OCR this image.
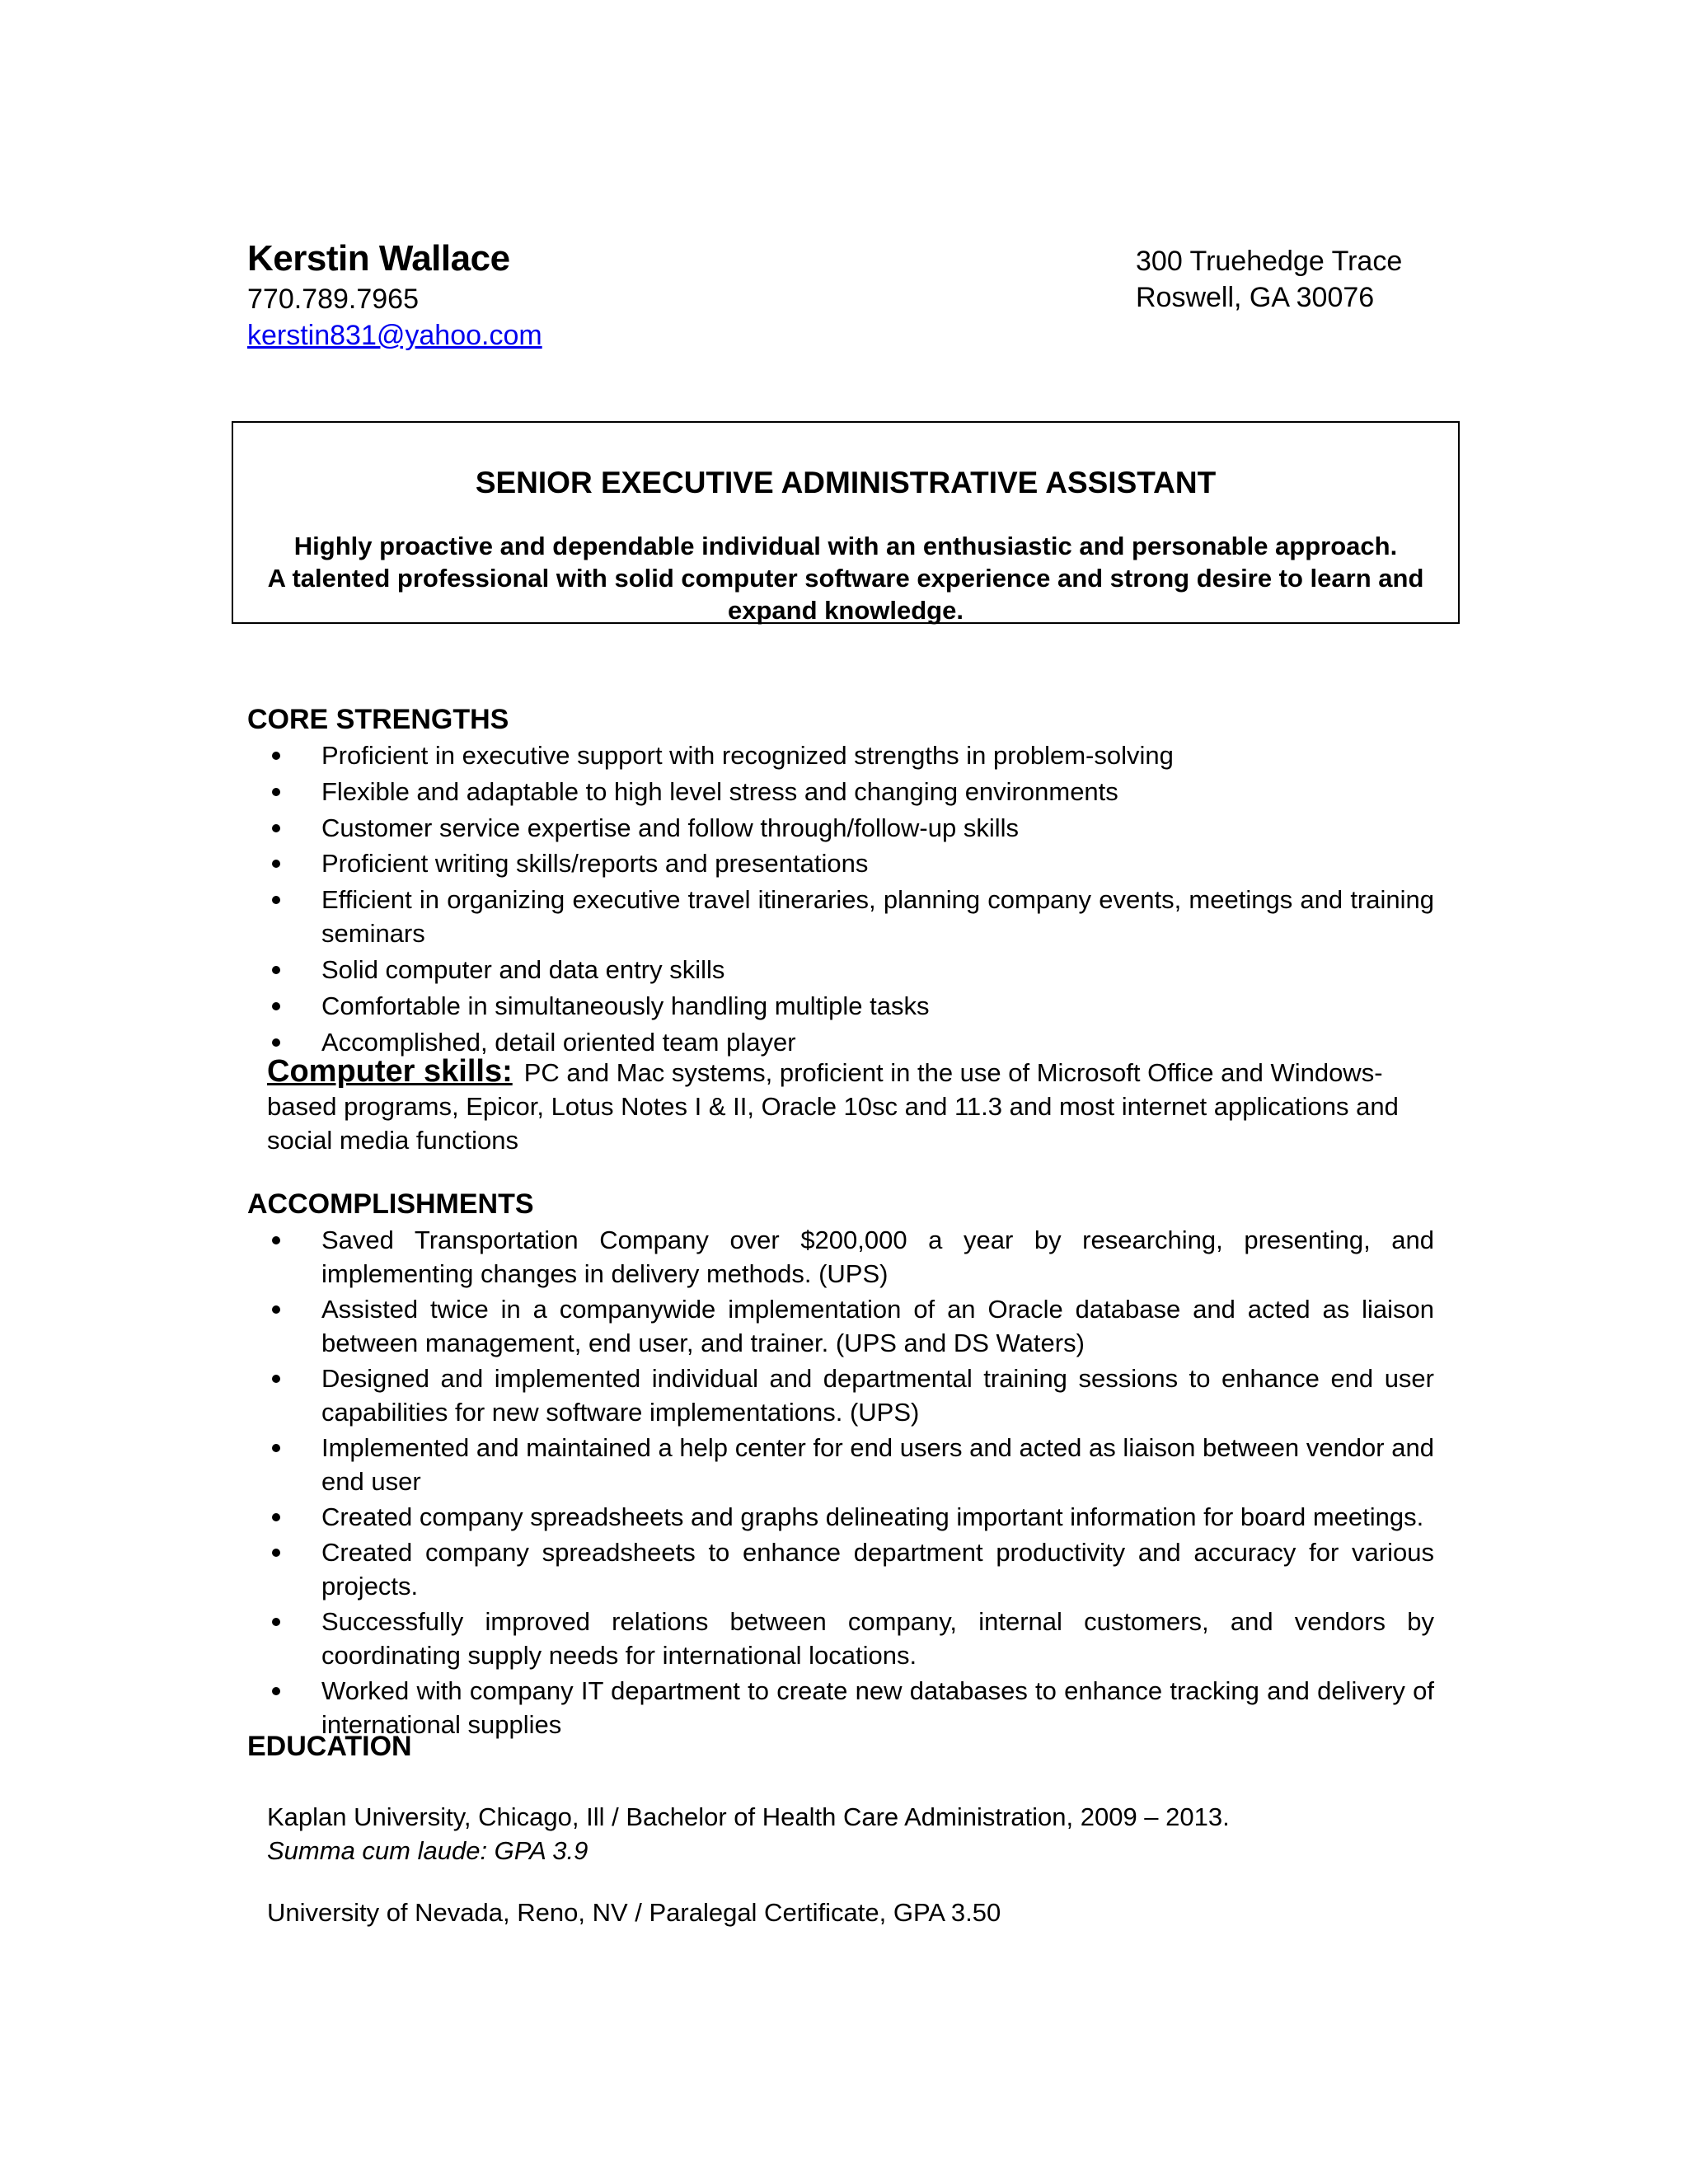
Kerstin Wallace
770.789.7965
kerstin831@yahoo.com
300 Truehedge Trace
Roswell, GA 30076
SENIOR EXECUTIVE ADMINISTRATIVE ASSISTANT
Highly proactive and dependable individual with an enthusiastic and personable approach.
A talented professional with solid computer software experience and strong desire to learn and expand knowledge.
CORE STRENGTHS
Proficient in executive support with recognized strengths in problem-solving
Flexible and adaptable to high level stress and changing environments
Customer service expertise and follow through/follow-up skills
Proficient writing skills/reports and presentations
Efficient in organizing executive travel itineraries, planning company events, meetings and training seminars
Solid computer and data entry skills
Comfortable in simultaneously handling multiple tasks
Accomplished, detail oriented team player
Computer skills: PC and Mac systems, proficient in the use of Microsoft Office and Windows-based programs, Epicor, Lotus Notes I & II, Oracle 10sc and 11.3 and most internet applications and social media functions
ACCOMPLISHMENTS
Saved Transportation Company over $200,000 a year by researching, presenting, and implementing changes in delivery methods. (UPS)
Assisted twice in a companywide implementation of an Oracle database and acted as liaison between management, end user, and trainer. (UPS and DS Waters)
Designed and implemented individual and departmental training sessions to enhance end user capabilities for new software implementations. (UPS)
Implemented and maintained a help center for end users and acted as liaison between vendor and end user
Created company spreadsheets and graphs delineating important information for board meetings.
Created company spreadsheets to enhance department productivity and accuracy for various projects.
Successfully improved relations between company, internal customers, and vendors by coordinating supply needs for international locations.
Worked with company IT department to create new databases to enhance tracking and delivery of international supplies
EDUCATION
Kaplan University, Chicago, Ill / Bachelor of Health Care Administration, 2009 – 2013.
Summa cum laude: GPA 3.9
University of Nevada, Reno, NV / Paralegal Certificate, GPA 3.50
